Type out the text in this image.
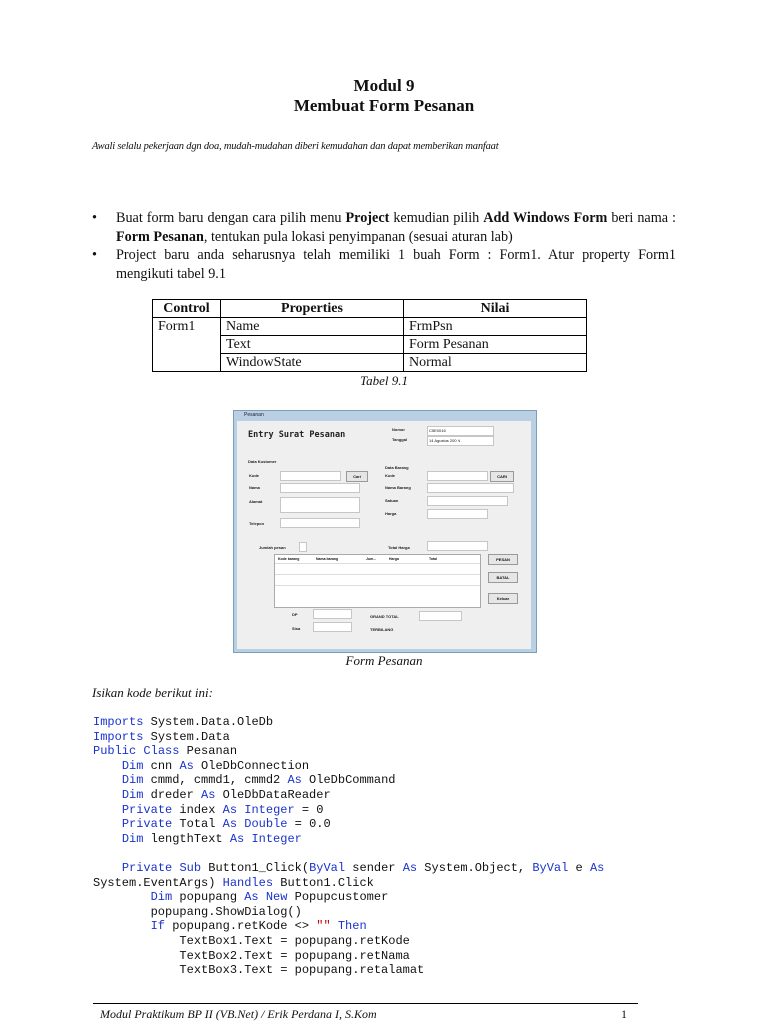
Modul 9
Membuat Form Pesanan
Awali selalu pekerjaan dgn doa, mudah-mudahan diberi kemudahan dan dapat memberikan manfaat
• Buat form baru dengan cara pilih menu Project kemudian pilih Add Windows Form beri nama : Form Pesanan, tentukan pula lokasi penyimpanan (sesuai aturan lab)
• Project baru anda seharusnya telah memiliki 1 buah Form : Form1. Atur property Form1 mengikuti tabel 9.1
Control	Properties	Nilai
Form1	Name	FrmPsn
	Text	Form Pesanan
	WindowState	Normal
Tabel 9.1
Pesanan
Entry Surat Pesanan
Nomor	C5E0016
Tanggal	14 Agustus 200 ∨
Data Kustomer
Kode	Cari
Nama
Alamat
Telepon
Data Barang
Kode	CARI
Nama Barang
Satuan
Harga
Jumlah pesan	Total Harga
Kode barang	Nama barang	Jum...	Harga	Total	PESAN
BATAL
Keluar
DP
Sisa
GRAND TOTAL
TERBILANG
Form Pesanan
Isikan kode berikut ini:
Imports System.Data.OleDb
Imports System.Data
Public Class Pesanan
Dim cnn As OleDbConnection
Dim cmmd, cmmd1, cmmd2 As OleDbCommand
Dim dreder As OleDbDataReader
Private index As Integer = 0
Private Total As Double = 0.0
Dim lengthText As Integer

Private Sub Button1_Click(ByVal sender As System.Object, ByVal e As
System.EventArgs) Handles Button1.Click
Dim popupang As New Popupcustomer
popupang.ShowDialog()
If popupang.retKode <> "" Then
TextBox1.Text = popupang.retKode
TextBox2.Text = popupang.retNama
TextBox3.Text = popupang.retalamat

Modul Praktikum BP II (VB.Net) / Erik Perdana I, S.Kom	1
